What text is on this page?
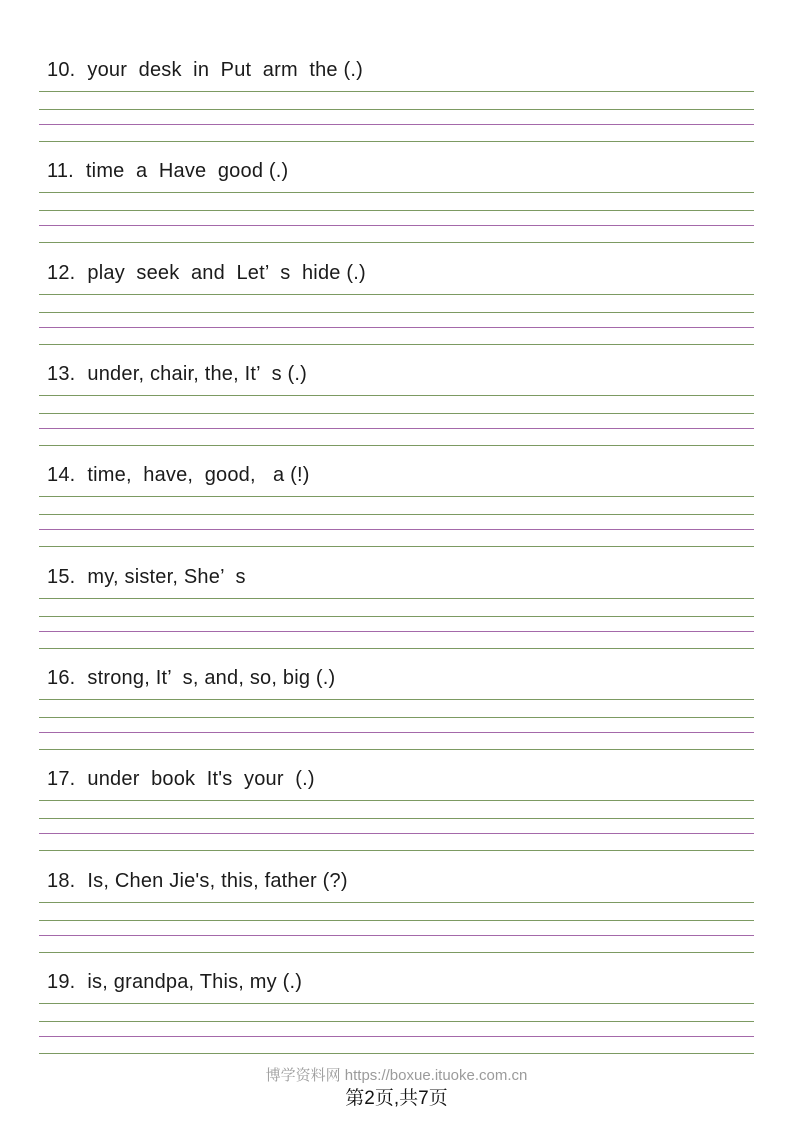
10. your  desk  in  Put  arm  the (.)
11. time  a  Have  good (.)
12. play  seek  and  Let’  s  hide (.)
13. under, chair, the, It’  s (.)
14. time,  have,  good,   a (!)
15. my, sister, She’  s
16. strong, It’  s, and, so, big (.)
17. under  book  It's  your  (.)
18. Is, Chen Jie's, this, father (?)
19. is, grandpa, This, my (.)
博学资料网 https://boxue.ituoke.com.cn
第2页,共7页
